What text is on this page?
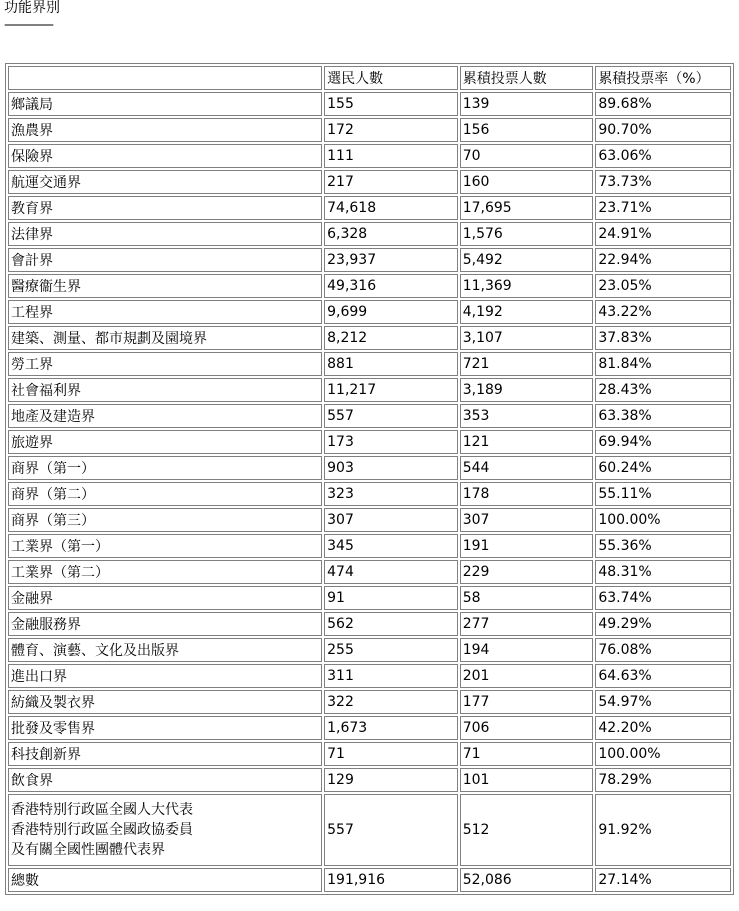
功能界別
————
	選民人數	累積投票人數	累積投票率（%）
鄉議局	155	139	89.68%
漁農界	172	156	90.70%
保險界	111	70	63.06%
航運交通界	217	160	73.73%
教育界	74,618	17,695	23.71%
法律界	6,328	1,576	24.91%
會計界	23,937	5,492	22.94%
醫療衞生界	49,316	11,369	23.05%
工程界	9,699	4,192	43.22%
建築、測量、都市規劃及園境界	8,212	3,107	37.83%
勞工界	881	721	81.84%
社會福利界	11,217	3,189	28.43%
地產及建造界	557	353	63.38%
旅遊界	173	121	69.94%
商界（第一）	903	544	60.24%
商界（第二）	323	178	55.11%
商界（第三）	307	307	100.00%
工業界（第一）	345	191	55.36%
工業界（第二）	474	229	48.31%
金融界	91	58	63.74%
金融服務界	562	277	49.29%
體育、演藝、文化及出版界	255	194	76.08%
進出口界	311	201	64.63%
紡織及製衣界	322	177	54.97%
批發及零售界	1,673	706	42.20%
科技創新界	71	71	100.00%
飲食界	129	101	78.29%

香港特別行政區全國人大代表
香港特別行政區全國政協委員
及有關全國性團體代表界	557	512	91.92%
總數	191,916	52,086	27.14%
